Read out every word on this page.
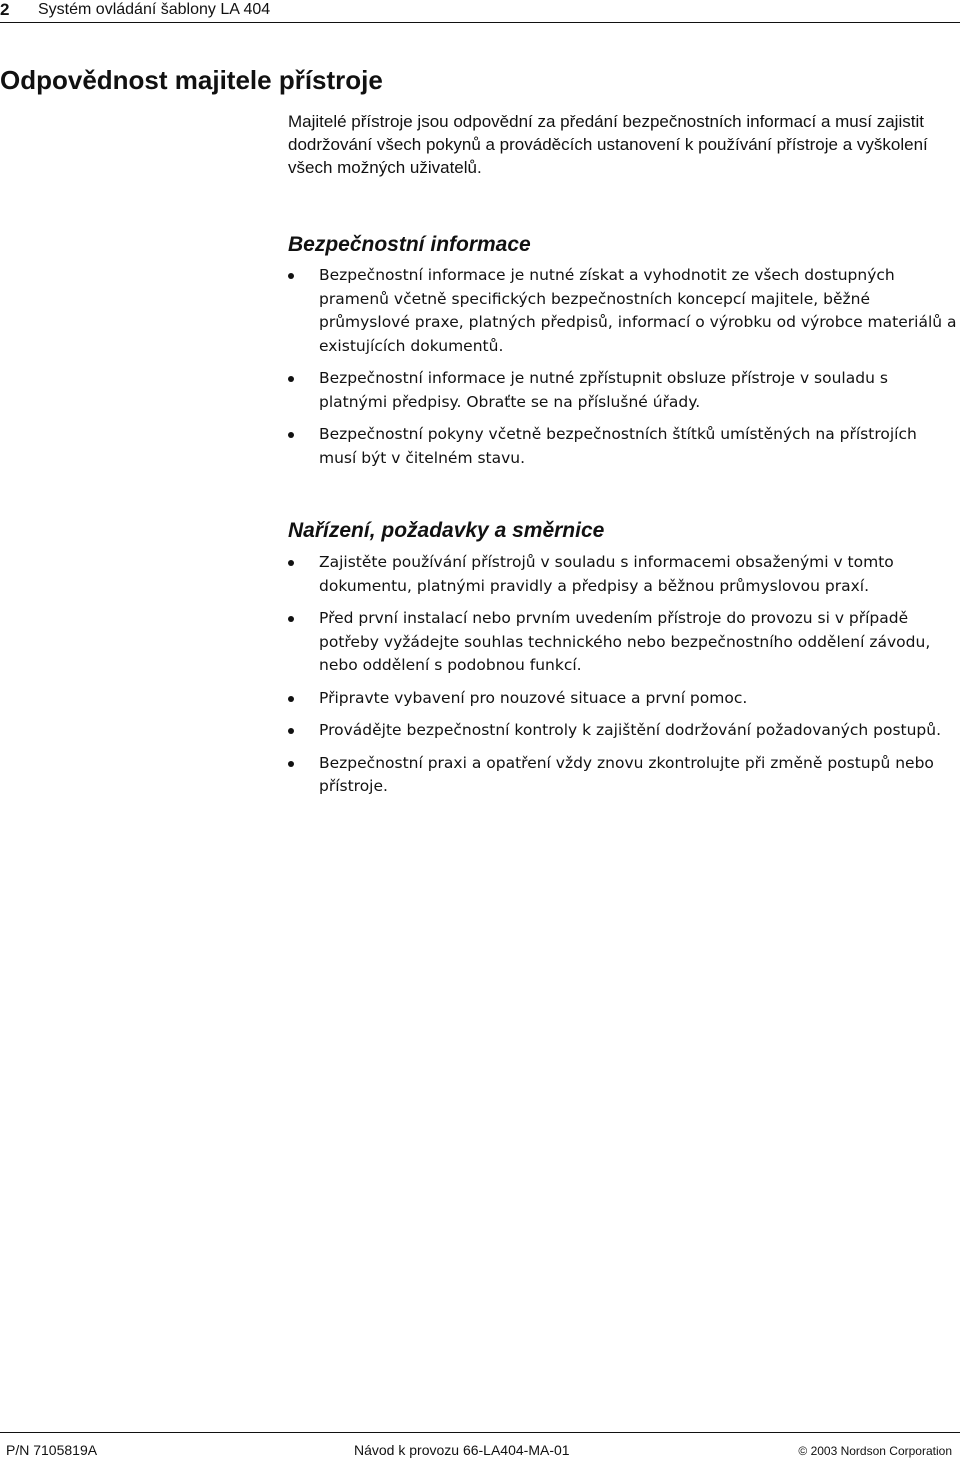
2 Systém ovládání šablony LA 404
Odpovědnost majitele přístroje

Majitelé přístroje jsou odpovědní za předání bezpečnostních informací a musí zajistit dodržování všech pokynů a prováděcích ustanovení k používání přístroje a vyškolení všech možných uživatelů.

Bezpečnostní informace
Bezpečnostní informace je nutné získat a vyhodnotit ze všech dostupných pramenů včetně specifických bezpečnostních koncepcí majitele, běžné průmyslové praxe, platných předpisů, informací o výrobku od výrobce materiálů a existujících dokumentů.
Bezpečnostní informace je nutné zpřístupnit obsluze přístroje v souladu s platnými předpisy. Obraťte se na příslušné úřady.
Bezpečnostní pokyny včetně bezpečnostních štítků umístěných na přístrojích musí být v čitelném stavu.
Nařízení, požadavky a směrnice
Zajistěte používání přístrojů v souladu s informacemi obsaženými v tomto dokumentu, platnými pravidly a předpisy a běžnou průmyslovou praxí.
Před první instalací nebo prvním uvedením přístroje do provozu si v případě potřeby vyžádejte souhlas technického nebo bezpečnostního oddělení závodu, nebo oddělení s podobnou funkcí.
Připravte vybavení pro nouzové situace a první pomoc.
Provádějte bezpečnostní kontroly k zajištění dodržování požadovaných postupů.
Bezpečnostní praxi a opatření vždy znovu zkontrolujte při změně postupů nebo přístroje.
P/N 7105819A	Návod k provozu 66-LA404-MA-01	© 2003 Nordson Corporation
